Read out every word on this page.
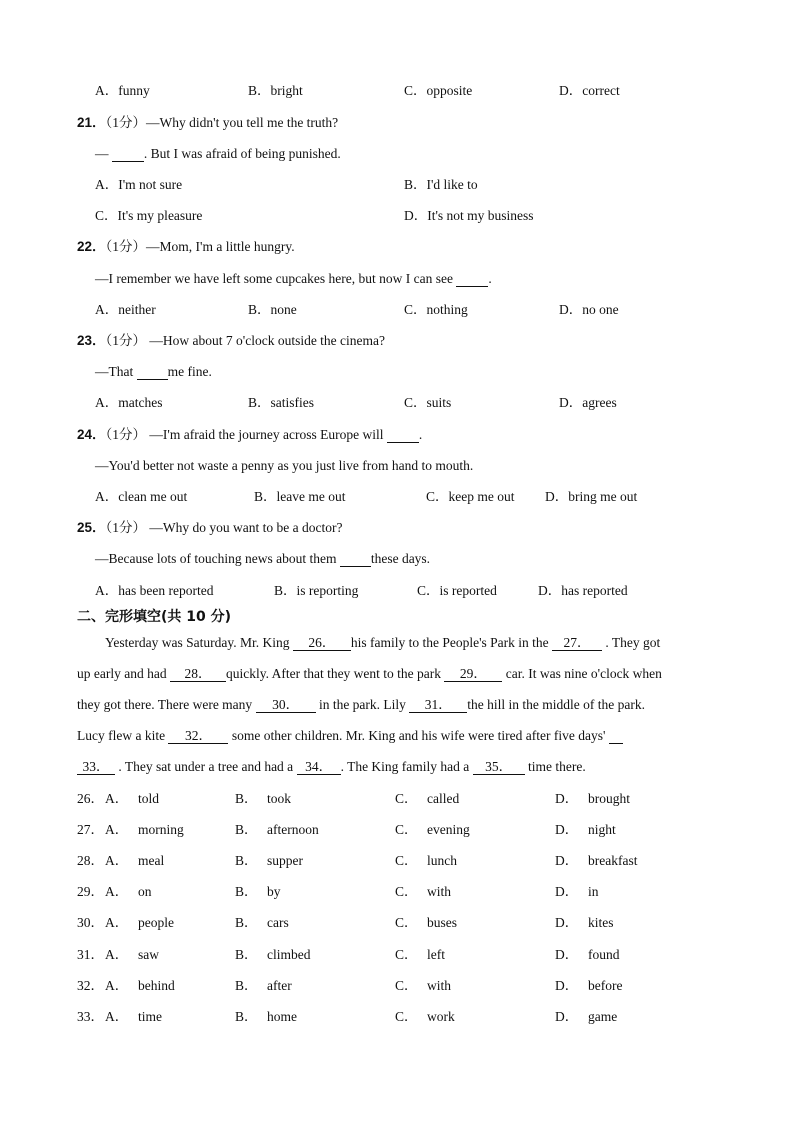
A．funny	B．bright	C．opposite	D．correct
21．（1分）—Why didn't you tell me the truth?
—  . But I was afraid of being punished.
A．I'm not sure	B．I'd like to
C．It's my pleasure	D．It's not my business
22．（1分）—Mom, I'm a little hungry.
—I remember we have left some cupcakes here, but now I can see  .
A．neither	B．none	C．nothing	D．no one
23．（1分） —How about 7 o'clock outside the cinema?
—That  me fine.
A．matches	B．satisfies	C．suits	D．agrees
24．（1分） —I'm afraid the journey across Europe will  .
—You'd better not waste a penny as you just live from hand to mouth.
A．clean me out	B．leave me out	C．keep me out D．bring me out
25．（1分） —Why do you want to be a doctor?
—Because lots of touching news about them  these days.
A．has been reported	B．is reporting	C．is reported	D．has reported
二、完形填空(共 10 分)
Yesterday was Saturday. Mr. King 26． his family to the People's Park in the 27． . They got
up early and had 28． quickly. After that they went to the park 29． car. It was nine o'clock when
they got there. There were many 30． in the park. Lily 31． the hill in the middle of the park.
Lucy flew a kite 32． some other children. Mr. King and his wife were tired after five days'
33． . They sat under a tree and had a 34． . The King family had a 35． time there.
26． A． told	B． took	C． called	D． brought
27． A． morning	B． afternoon	C． evening	D． night
28． A． meal	B． supper	C． lunch	D． breakfast
29． A． on	B． by	C． with	D． in
30． A． people	B． cars	C． buses	D． kites
31． A． saw	B． climbed	C． left	D． found
32． A． behind	B． after	C． with	D． before
33． A． time	B． home	C． work	D． game
